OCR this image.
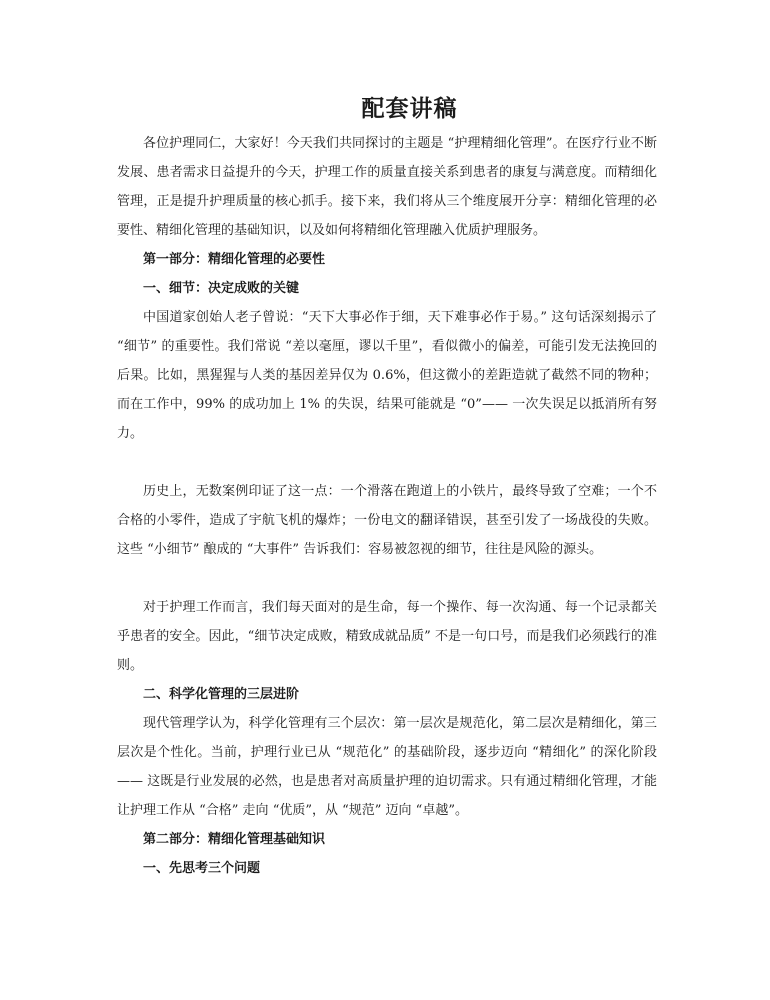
配套讲稿

各位护理同仁，大家好！今天我们共同探讨的主题是 “护理精细化管理”。在医疗行业不断发展、患者需求日益提升的今天，护理工作的质量直接关系到患者的康复与满意度。而精细化管理，正是提升护理质量的核心抓手。接下来，我们将从三个维度展开分享：精细化管理的必要性、精细化管理的基础知识，以及如何将精细化管理融入优质护理服务。

第一部分：精细化管理的必要性

一、细节：决定成败的关键

中国道家创始人老子曾说：“天下大事必作于细，天下难事必作于易。” 这句话深刻揭示了 “细节” 的重要性。我们常说 “差以毫厘，谬以千里”，看似微小的偏差，可能引发无法挽回的后果。比如，黑猩猩与人类的基因差异仅为 0.6%，但这微小的差距造就了截然不同的物种；而在工作中，99% 的成功加上 1% 的失误，结果可能就是 “0”—— 一次失误足以抵消所有努力。

历史上，无数案例印证了这一点：一个滑落在跑道上的小铁片，最终导致了空难；一个不合格的小零件，造成了宇航飞机的爆炸；一份电文的翻译错误，甚至引发了一场战役的失败。这些 “小细节” 酿成的 “大事件” 告诉我们：容易被忽视的细节，往往是风险的源头。

对于护理工作而言，我们每天面对的是生命，每一个操作、每一次沟通、每一个记录都关乎患者的安全。因此，“细节决定成败，精致成就品质” 不是一句口号，而是我们必须践行的准则。

二、科学化管理的三层进阶

现代管理学认为，科学化管理有三个层次：第一层次是规范化，第二层次是精细化，第三层次是个性化。当前，护理行业已从 “规范化” 的基础阶段，逐步迈向 “精细化” 的深化阶段 —— 这既是行业发展的必然，也是患者对高质量护理的迫切需求。只有通过精细化管理，才能让护理工作从 “合格” 走向 “优质”，从 “规范” 迈向 “卓越”。

第二部分：精细化管理基础知识

一、先思考三个问题
